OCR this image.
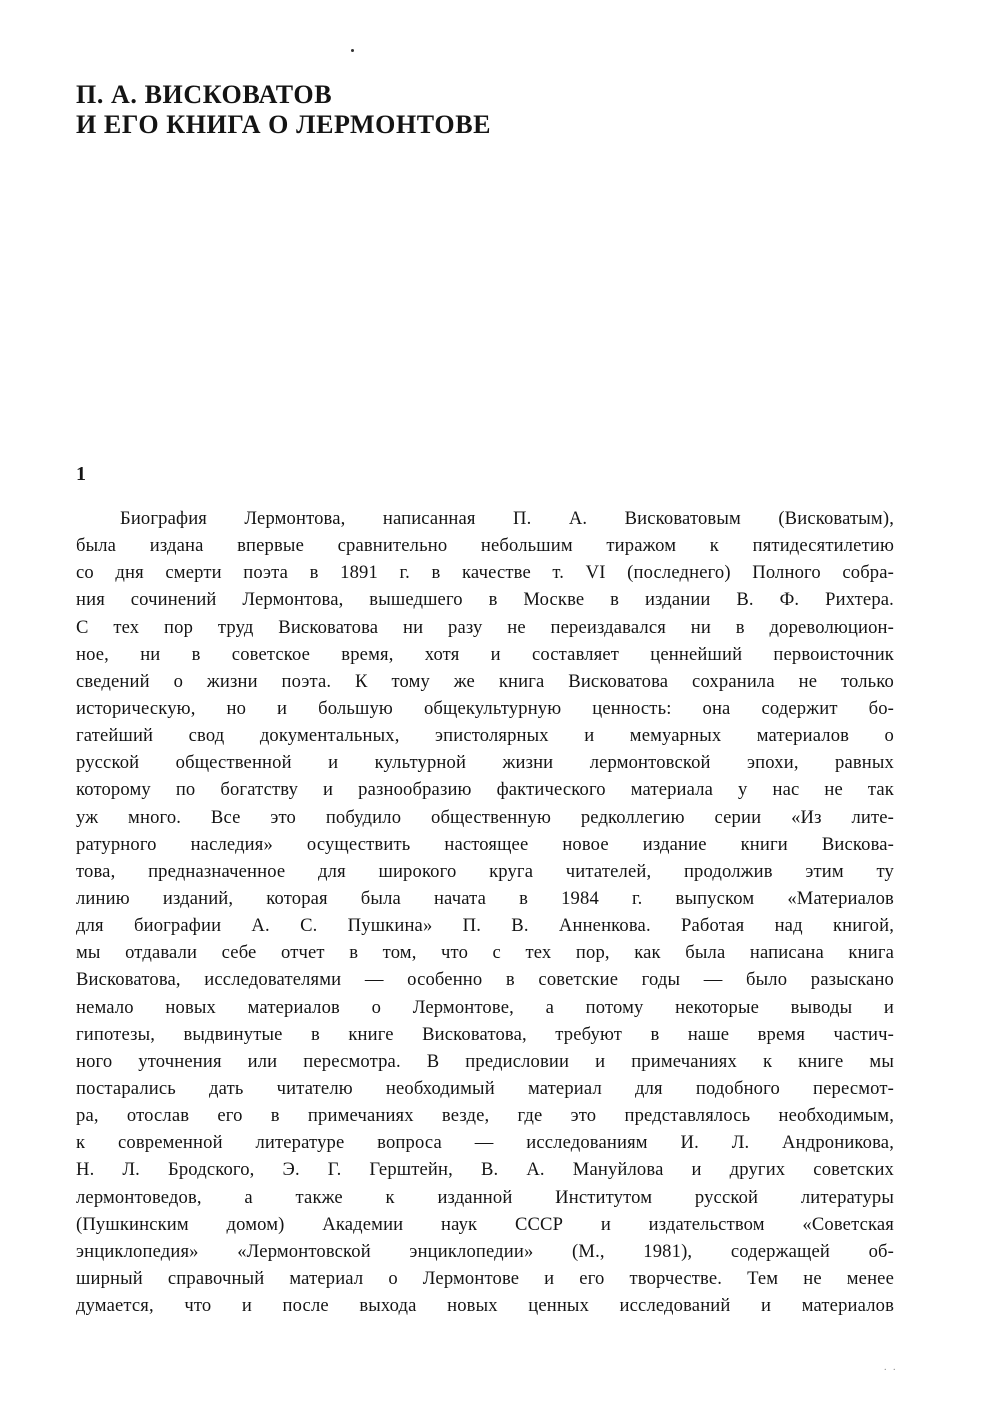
П. А. ВИСКОВАТОВ
И ЕГО КНИГА О ЛЕРМОНТОВЕ
1
Биография Лермонтова, написанная П. А. Висковатовым (Висковатым),
была издана впервые сравнительно небольшим тиражом к пятидесятилетию
со дня смерти поэта в 1891 г. в качестве т. VI (последнего) Полного собра-
ния сочинений Лермонтова, вышедшего в Москве в издании В. Ф. Рихтера.
С тех пор труд Висковатова ни разу не переиздавался ни в дореволюцион-
ное, ни в советское время, хотя и составляет ценнейший первоисточник
сведений о жизни поэта. К тому же книга Висковатова сохранила не только
историческую, но и большую общекультурную ценность: она содержит бо-
гатейший свод документальных, эпистолярных и мемуарных материалов о
русской общественной и культурной жизни лермонтовской эпохи, равных
которому по богатству и разнообразию фактического материала у нас не так
уж много. Все это побудило общественную редколлегию серии «Из лите-
ратурного наследия» осуществить настоящее новое издание книги Вискова-
това, предназначенное для широкого круга читателей, продолжив этим ту
линию изданий, которая была начата в 1984 г. выпуском «Материалов
для биографии А. С. Пушкина» П. В. Анненкова. Работая над книгой,
мы отдавали себе отчет в том, что с тех пор, как была написана книга
Висковатова, исследователями — особенно в советские годы — было разыскано
немало новых материалов о Лермонтове, а потому некоторые выводы и
гипотезы, выдвинутые в книге Висковатова, требуют в наше время частич-
ного уточнения или пересмотра. В предисловии и примечаниях к книге мы
постарались дать читателю необходимый материал для подобного пересмот-
ра, отослав его в примечаниях везде, где это представлялось необходимым,
к современной литературе вопроса — исследованиям И. Л. Андроникова,
Н. Л. Бродского, Э. Г. Герштейн, В. А. Мануйлова и других советских
лермонтоведов, а также к изданной Институтом русской литературы
(Пушкинским домом) Академии наук СССР и издательством «Советская
энциклопедия» «Лермонтовской энциклопедии» (М., 1981), содержащей об-
ширный справочный материал о Лермонтове и его творчестве. Тем не менее
думается, что и после выхода новых ценных исследований и материалов
. .
